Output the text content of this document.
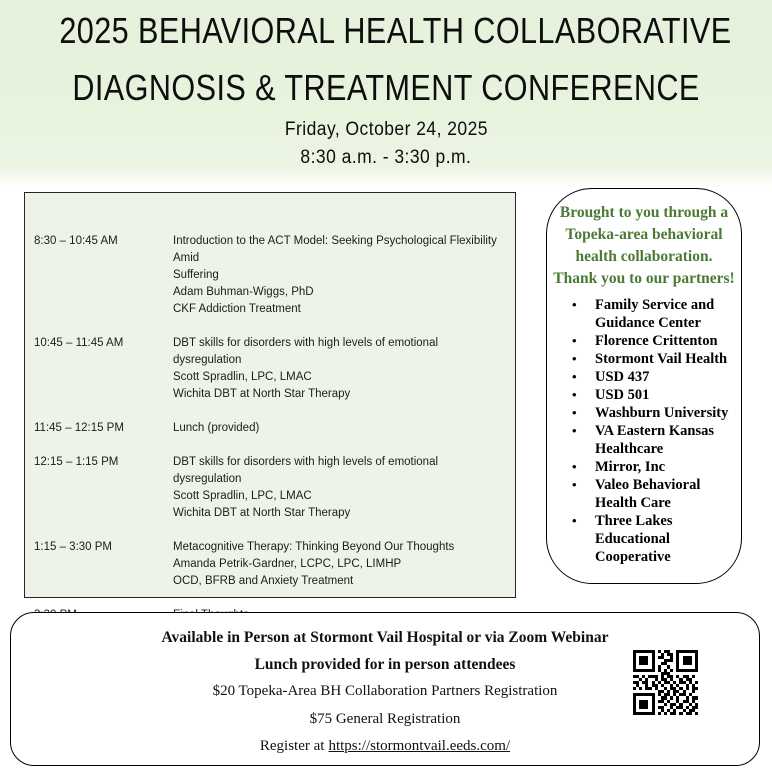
2025 BEHAVIORAL HEALTH COLLABORATIVE
DIAGNOSIS & TREATMENT CONFERENCE
Friday, October 24, 2025
8:30 a.m. - 3:30 p.m.
8:30 – 10:45 AM	Introduction to the ACT Model: Seeking Psychological Flexibility Amid
Suffering
Adam Buhman-Wiggs, PhD
CKF Addiction Treatment
10:45 – 11:45 AM	DBT skills for disorders with high levels of emotional dysregulation
Scott Spradlin, LPC, LMAC
Wichita DBT at North Star Therapy
11:45 – 12:15 PM	Lunch (provided)
12:15 – 1:15 PM	DBT skills for disorders with high levels of emotional dysregulation
Scott Spradlin, LPC, LMAC
Wichita DBT at North Star Therapy
1:15 – 3:30 PM	Metacognitive Therapy: Thinking Beyond Our Thoughts
Amanda Petrik-Gardner, LCPC, LPC, LIMHP
OCD, BFRB and Anxiety Treatment
Brought to you through a
Topeka-area behavioral
health collaboration.
Thank you to our partners!
•	Family Service and Guidance Center
•	Florence Crittenton
•	Stormont Vail Health
•	USD 437
•	USD 501
•	Washburn University
•	VA Eastern Kansas Healthcare
•	Mirror, Inc
•	Valeo Behavioral Health Care
•	Three Lakes Educational Cooperative
Available in Person at Stormont Vail Hospital or via Zoom Webinar
Lunch provided for in person attendees
$20 Topeka-Area BH Collaboration Partners Registration
$75 General Registration
Register at https://stormontvail.eeds.com/
